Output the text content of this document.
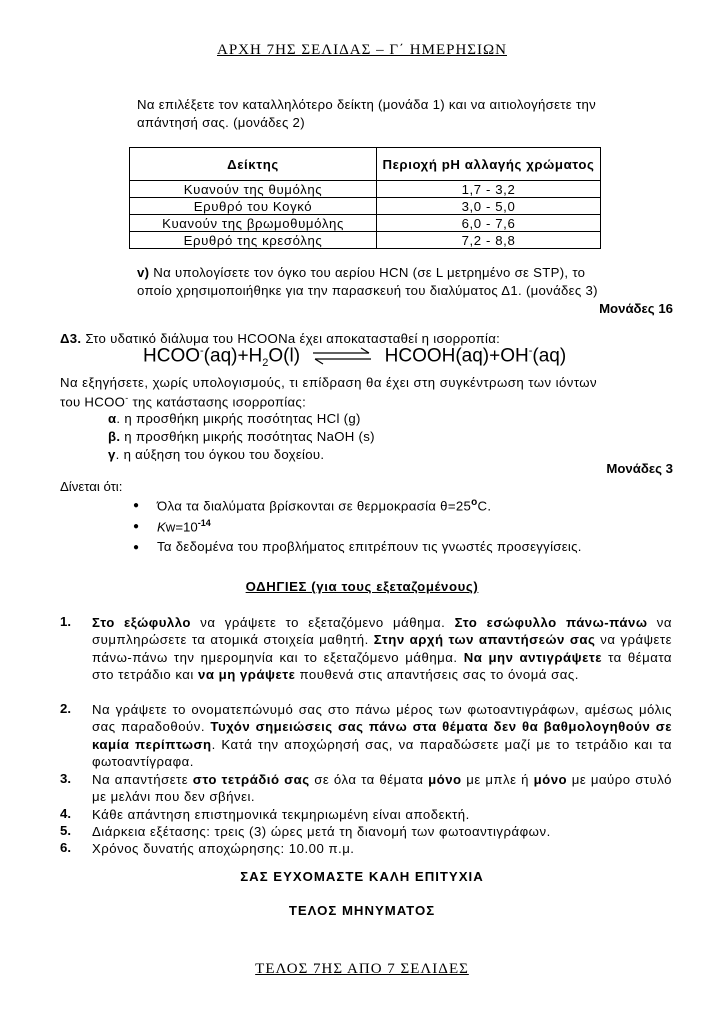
ΑΡΧΗ 7ΗΣ ΣΕΛΙΔΑΣ – Γ΄ ΗΜΕΡΗΣΙΩΝ
Να επιλέξετε τον καταλληλότερο δείκτη (μονάδα 1) και να αιτιολογήσετε την
απάντησή σας. (μονάδες 2)
Δείκτης	Περιοχή pH αλλαγής χρώματος
Κυανούν της θυμόλης	1,7 - 3,2
Ερυθρό του Κογκό	3,0 - 5,0
Κυανούν της βρωμοθυμόλης	6,0 - 7,6
Ερυθρό της κρεσόλης	7,2 - 8,8
v) Να υπολογίσετε τον όγκο του αερίου HCN (σε L μετρημένο σε STP), το
οποίο χρησιμοποιήθηκε για την παρασκευή του διαλύματος Δ1. (μονάδες 3)
Μονάδες 16
Δ3. Στο υδατικό διάλυμα του HCOONa έχει αποκατασταθεί η ισορροπία:
$HCOO^-(aq)+H_2O(l)$ ⇌ HCOOH(aq)+OH-(aq)
Να εξηγήσετε, χωρίς υπολογισμούς, τι επίδραση θα έχει στη συγκέντρωση των ιόντων
του HCOO- της κατάστασης ισορροπίας:
α. η προσθήκη μικρής ποσότητας HCl (g)
β. η προσθήκη μικρής ποσότητας NaOH (s)
γ. η αύξηση του όγκου του δοχείου.
Μονάδες 3
Δίνεται ότι:
● Όλα τα διαλύματα βρίσκονται σε θερμοκρασία $\theta=25^oC$.
● $Kw=10^{-14}$
● Τα δεδομένα του προβλήματος επιτρέπουν τις γνωστές προσεγγίσεις.
ΟΔΗΓΙΕΣ (για τους εξεταζομένους)
1. Στο εξώφυλλο να γράψετε το εξεταζόμενο μάθημα. Στο εσώφυλλο πάνω-πάνω να συμπληρώσετε τα ατομικά στοιχεία μαθητή. Στην αρχή των απαντήσεών σας να γράψετε πάνω-πάνω την ημερομηνία και το εξεταζόμενο μάθημα. Να μην αντιγράψετε τα θέματα στο τετράδιο και να μη γράψετε πουθενά στις απαντήσεις σας το όνομά σας.

2. Να γράψετε το ονοματεπώνυμό σας στο πάνω μέρος των φωτοαντιγράφων, αμέσως μόλις σας παραδοθούν. Τυχόν σημειώσεις σας πάνω στα θέματα δεν θα βαθμολογηθούν σε καμία περίπτωση. Κατά την αποχώρησή σας, να παραδώσετε μαζί με το τετράδιο και τα φωτοαντίγραφα.

3. Να απαντήσετε στο τετράδιό σας σε όλα τα θέματα μόνο με μπλε ή μόνο με μαύρο στυλό με μελάνι που δεν σβήνει.

4. Κάθε απάντηση επιστημονικά τεκμηριωμένη είναι αποδεκτή.

5. Διάρκεια εξέτασης: τρεις (3) ώρες μετά τη διανομή των φωτοαντιγράφων.

6. Χρόνος δυνατής αποχώρησης: 10.00 π.μ.

ΣΑΣ ΕΥΧΟΜΑΣΤΕ ΚΑΛΗ ΕΠΙΤΥΧΙΑ
ΤΕΛΟΣ ΜΗΝΥΜΑΤΟΣ
ΤΕΛΟΣ 7ΗΣ ΑΠΟ 7 ΣΕΛΙΔΕΣ
